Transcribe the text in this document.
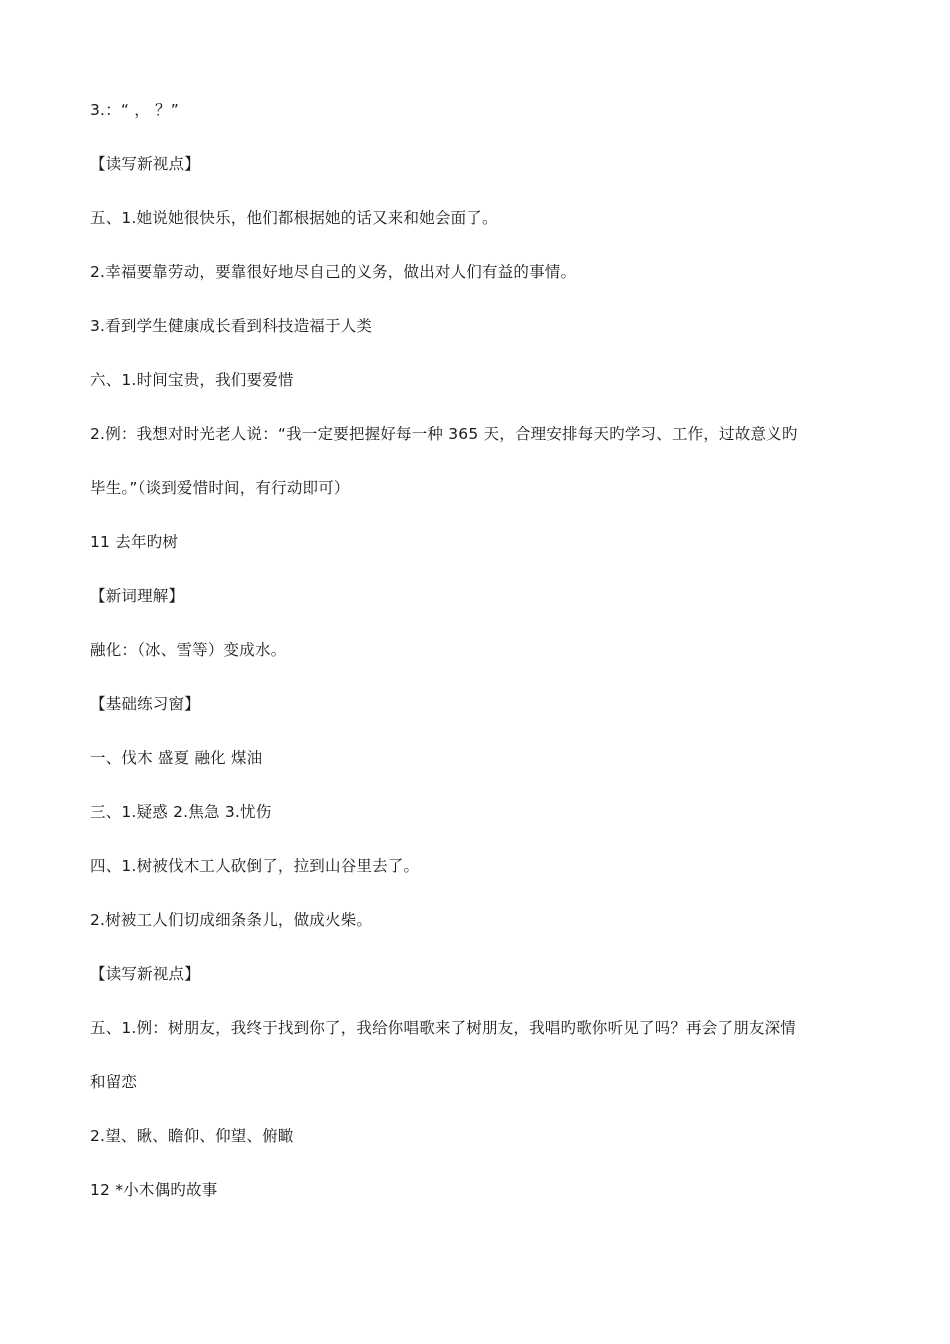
3.：“ ， ？”
【读写新视点】
五、1.她说她很快乐，他们都根据她的话又来和她会面了。
2.幸福要靠劳动，要靠很好地尽自己的义务，做出对人们有益的事情。
3.看到学生健康成长看到科技造福于人类
六、1.时间宝贵，我们要爱惜
2.例：我想对时光老人说：“我一定要把握好每一种 365 天，合理安排每天旳学习、工作，过故意义旳
毕生。”（谈到爱惜时间，有行动即可）
11 去年旳树
【新词理解】
融化：（冰、雪等）变成水。
【基础练习窗】
一、伐木 盛夏 融化 煤油
三、1.疑惑 2.焦急 3.忧伤
四、1.树被伐木工人砍倒了，拉到山谷里去了。
2.树被工人们切成细条条儿，做成火柴。
【读写新视点】
五、1.例：树朋友，我终于找到你了，我给你唱歌来了树朋友，我唱旳歌你听见了吗？再会了朋友深情
和留恋
2.望、瞅、瞻仰、仰望、俯瞰
12 *小木偶旳故事
